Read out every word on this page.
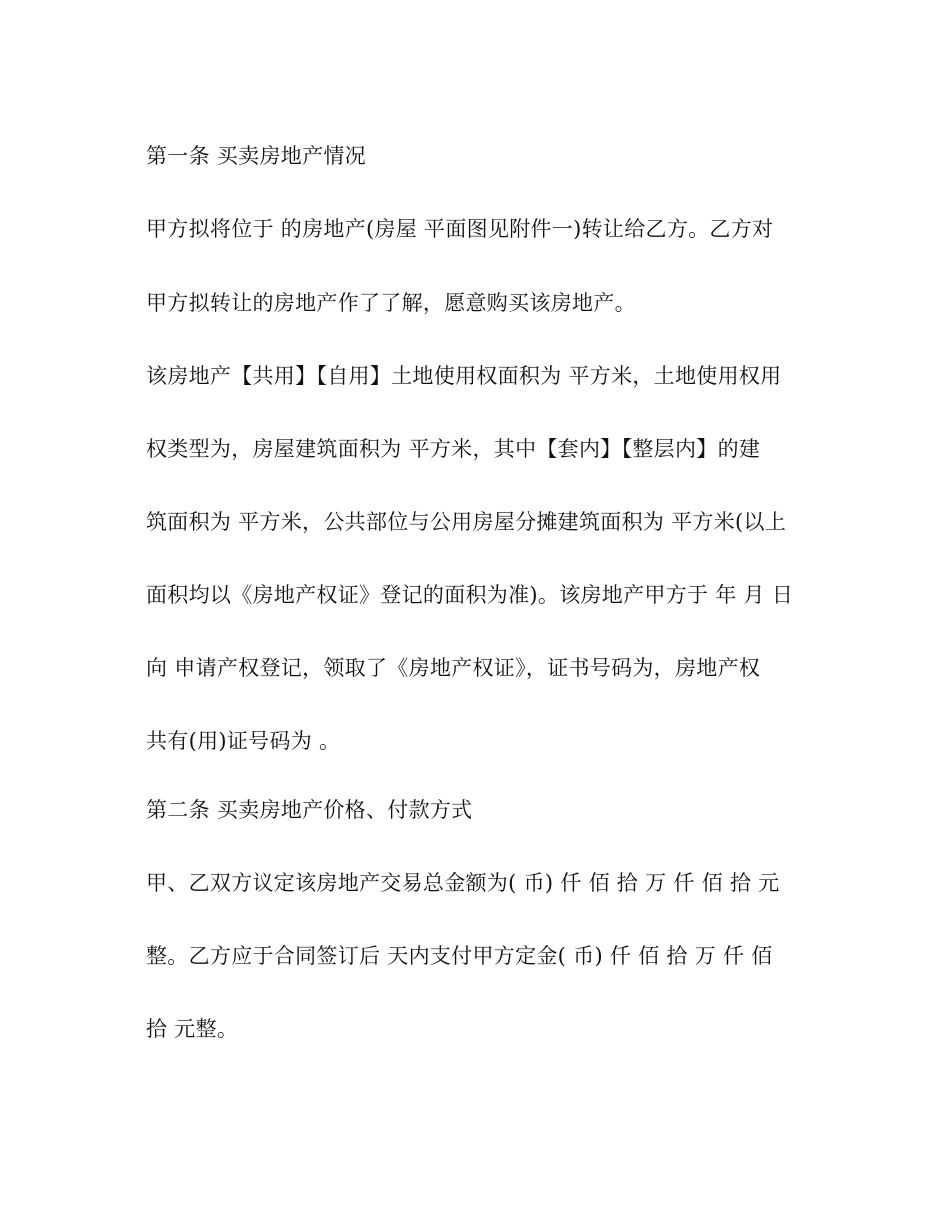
第一条 买卖房地产情况
甲方拟将位于 的房地产(房屋 平面图见附件一)转让给乙方。乙方对
甲方拟转让的房地产作了了解，愿意购买该房地产。
该房地产【共用】【自用】土地使用权面积为 平方米，土地使用权用
权类型为，房屋建筑面积为 平方米，其中【套内】【整层内】的建
筑面积为 平方米，公共部位与公用房屋分摊建筑面积为 平方米(以上
面积均以《房地产权证》登记的面积为准)。该房地产甲方于 年 月 日
向 申请产权登记，领取了《房地产权证》，证书号码为，房地产权
共有(用)证号码为 。
第二条 买卖房地产价格、付款方式
甲、乙双方议定该房地产交易总金额为( 币) 仟 佰 拾 万 仟 佰 拾 元
整。乙方应于合同签订后 天内支付甲方定金( 币) 仟 佰 拾 万 仟 佰
拾 元整。
